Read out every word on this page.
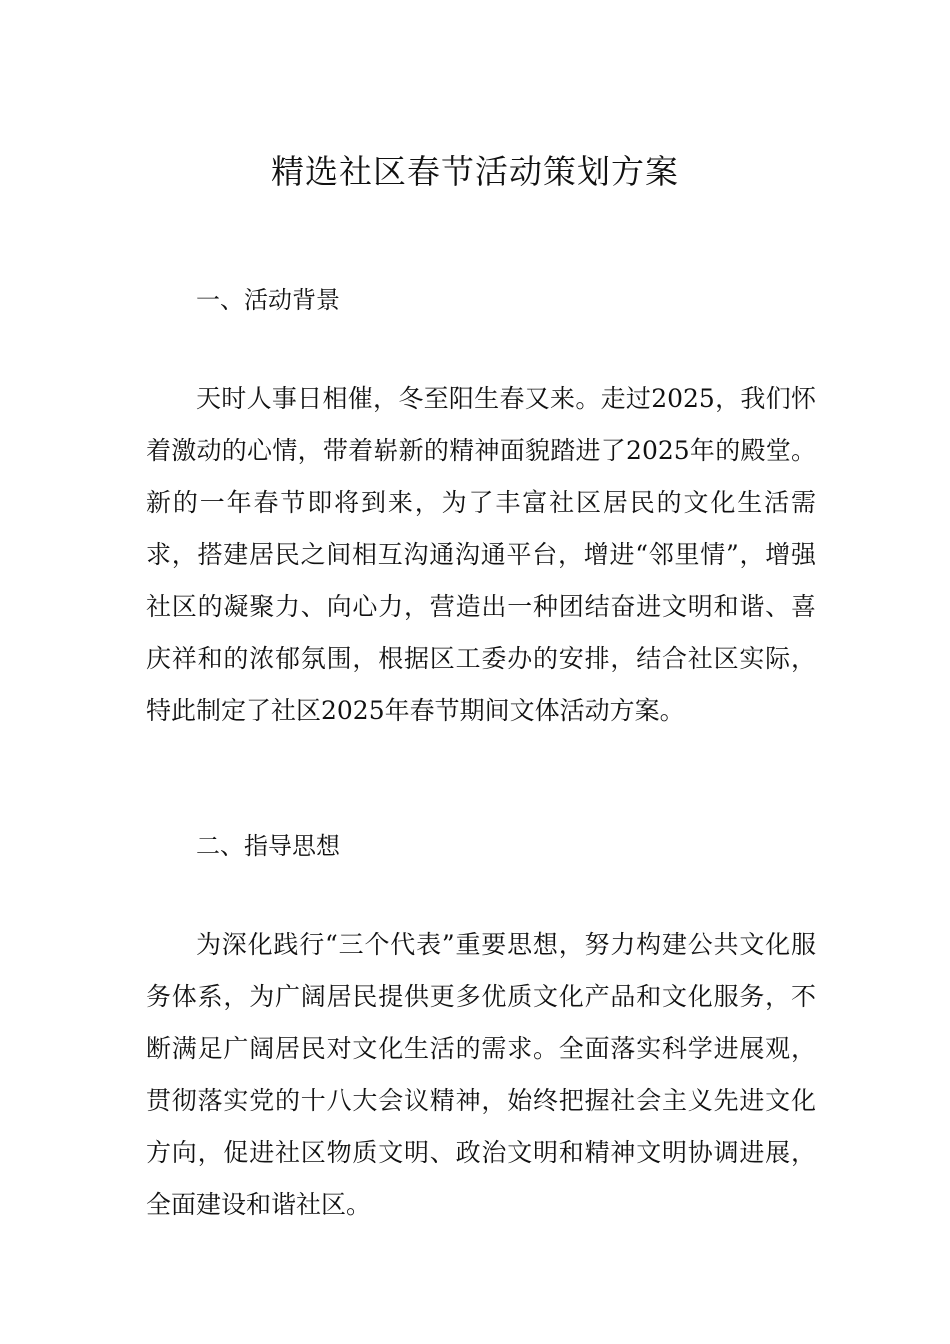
精选社区春节活动策划方案
一、活动背景

天时人事日相催，冬至阳生春又来。走过2025，我们怀着激动的心情，带着崭新的精神面貌踏进了2025年的殿堂。新的一年春节即将到来，为了丰富社区居民的文化生活需求，搭建居民之间相互沟通沟通平台，增进“邻里情”，增强社区的凝聚力、向心力，营造出一种团结奋进文明和谐、喜庆祥和的浓郁氛围，根据区工委办的安排，结合社区实际，特此制定了社区2025年春节期间文体活动方案。

二、指导思想

为深化践行“三个代表”重要思想，努力构建公共文化服务体系，为广阔居民提供更多优质文化产品和文化服务，不断满足广阔居民对文化生活的需求。全面落实科学进展观，贯彻落实党的十八大会议精神，始终把握社会主义先进文化方向，促进社区物质文明、政治文明和精神文明协调进展，全面建设和谐社区。
